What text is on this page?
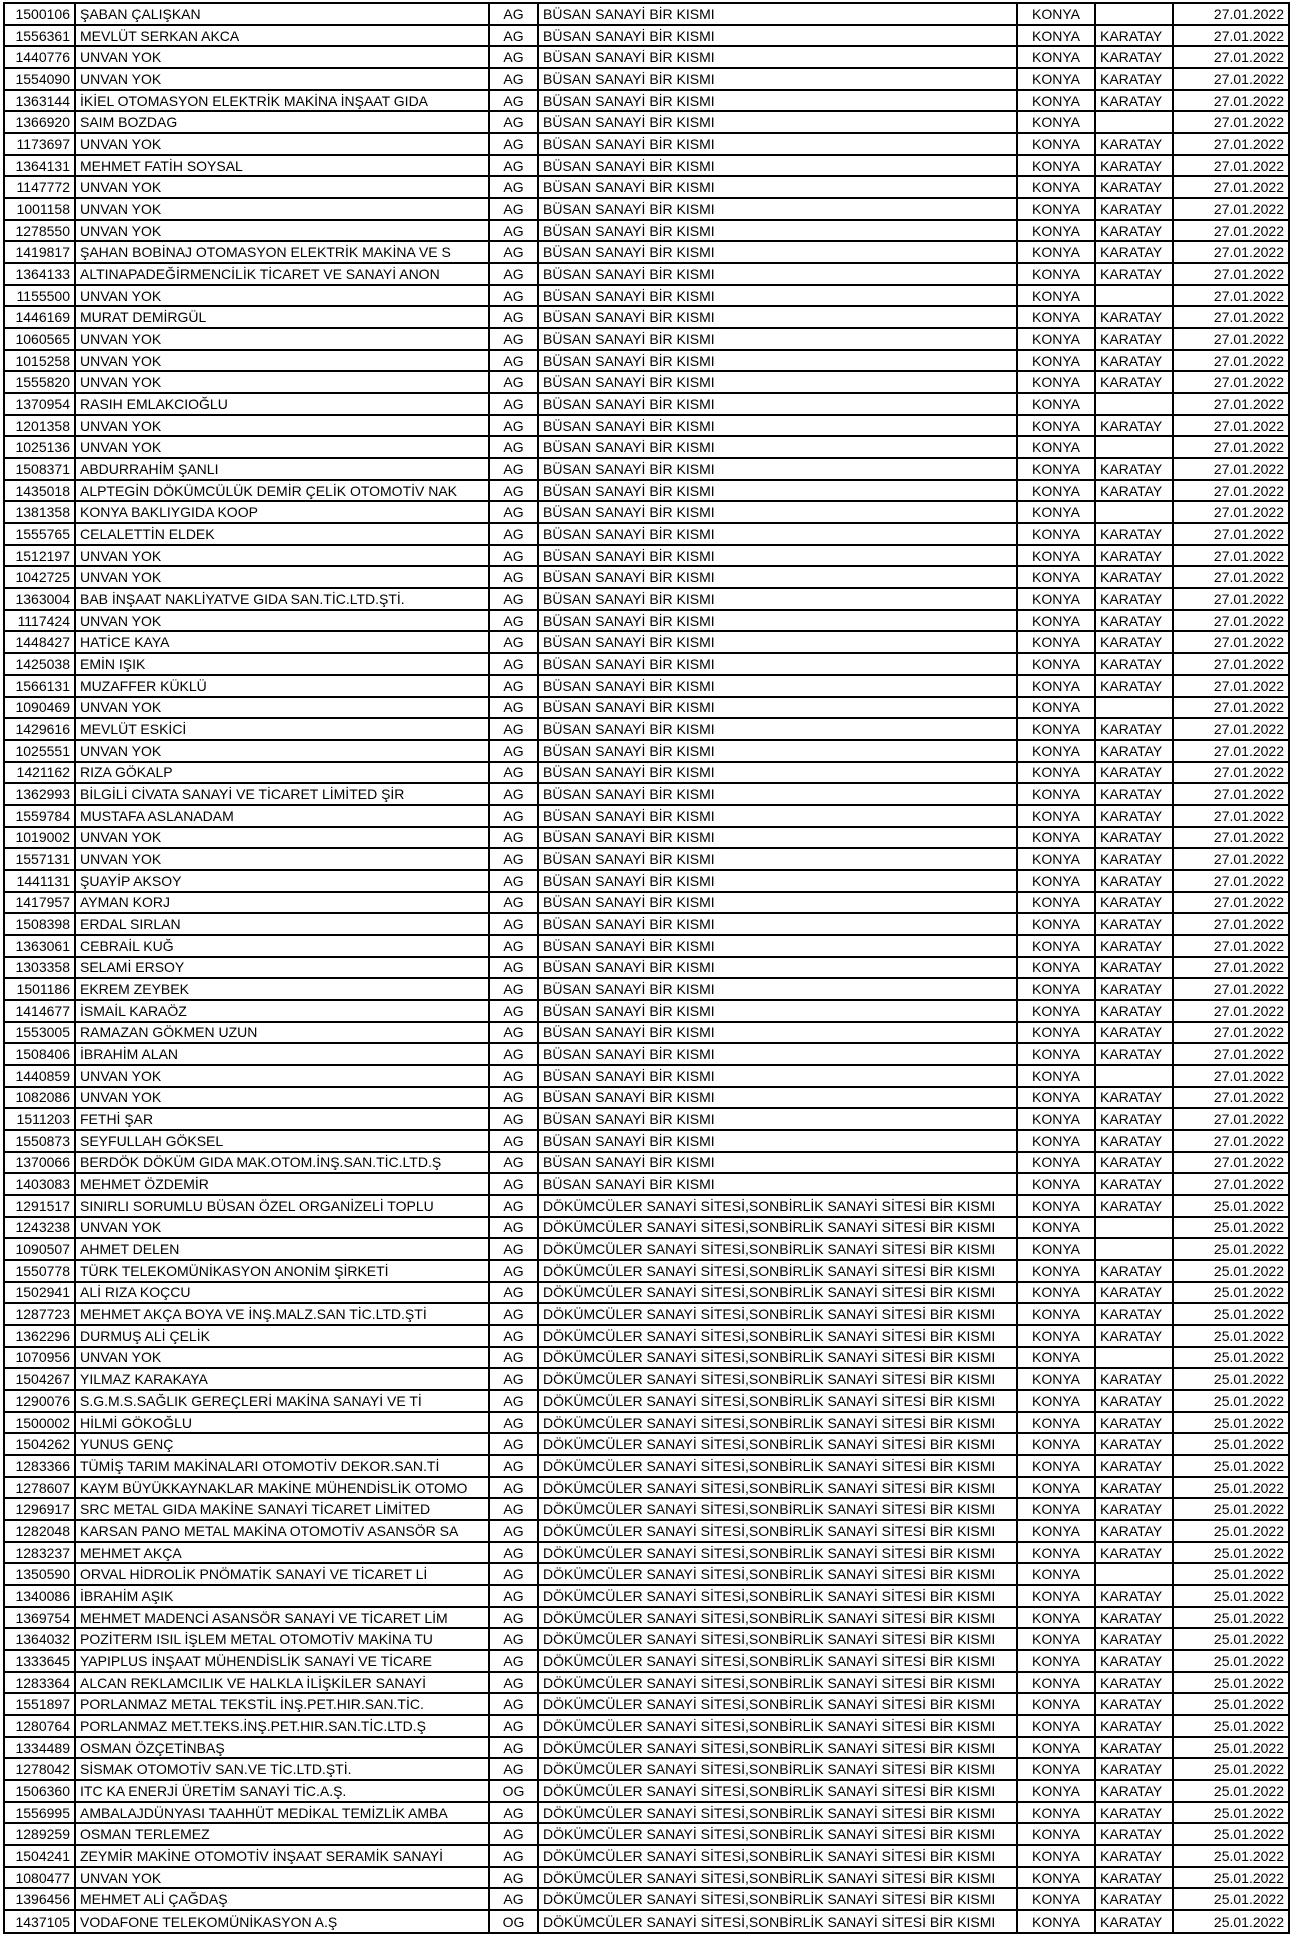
1500106	ŞABAN ÇALIŞKAN	AG	BÜSAN SANAYİ BİR KISMI	KONYA		27.01.2022
1556361	MEVLÜT SERKAN AKCA	AG	BÜSAN SANAYİ BİR KISMI	KONYA	KARATAY	27.01.2022
1440776	UNVAN YOK	AG	BÜSAN SANAYİ BİR KISMI	KONYA	KARATAY	27.01.2022
1554090	UNVAN YOK	AG	BÜSAN SANAYİ BİR KISMI	KONYA	KARATAY	27.01.2022
1363144	İKİEL OTOMASYON ELEKTRİK MAKİNA İNŞAAT GIDA	AG	BÜSAN SANAYİ BİR KISMI	KONYA	KARATAY	27.01.2022
1366920	SAIM BOZDAG	AG	BÜSAN SANAYİ BİR KISMI	KONYA		27.01.2022
1173697	UNVAN YOK	AG	BÜSAN SANAYİ BİR KISMI	KONYA	KARATAY	27.01.2022
1364131	MEHMET FATİH SOYSAL	AG	BÜSAN SANAYİ BİR KISMI	KONYA	KARATAY	27.01.2022
1147772	UNVAN YOK	AG	BÜSAN SANAYİ BİR KISMI	KONYA	KARATAY	27.01.2022
1001158	UNVAN YOK	AG	BÜSAN SANAYİ BİR KISMI	KONYA	KARATAY	27.01.2022
1278550	UNVAN YOK	AG	BÜSAN SANAYİ BİR KISMI	KONYA	KARATAY	27.01.2022
1419817	ŞAHAN BOBİNAJ OTOMASYON ELEKTRİK MAKİNA VE S	AG	BÜSAN SANAYİ BİR KISMI	KONYA	KARATAY	27.01.2022
1364133	ALTINAPADEĞİRMENCİLİK TİCARET VE SANAYİ ANON	AG	BÜSAN SANAYİ BİR KISMI	KONYA	KARATAY	27.01.2022
1155500	UNVAN YOK	AG	BÜSAN SANAYİ BİR KISMI	KONYA		27.01.2022
1446169	MURAT DEMİRGÜL	AG	BÜSAN SANAYİ BİR KISMI	KONYA	KARATAY	27.01.2022
1060565	UNVAN YOK	AG	BÜSAN SANAYİ BİR KISMI	KONYA	KARATAY	27.01.2022
1015258	UNVAN YOK	AG	BÜSAN SANAYİ BİR KISMI	KONYA	KARATAY	27.01.2022
1555820	UNVAN YOK	AG	BÜSAN SANAYİ BİR KISMI	KONYA	KARATAY	27.01.2022
1370954	RASIH EMLAKCIOĞLU	AG	BÜSAN SANAYİ BİR KISMI	KONYA		27.01.2022
1201358	UNVAN YOK	AG	BÜSAN SANAYİ BİR KISMI	KONYA	KARATAY	27.01.2022
1025136	UNVAN YOK	AG	BÜSAN SANAYİ BİR KISMI	KONYA		27.01.2022
1508371	ABDURRAHİM ŞANLI	AG	BÜSAN SANAYİ BİR KISMI	KONYA	KARATAY	27.01.2022
1435018	ALPTEGİN DÖKÜMCÜLÜK DEMİR ÇELİK OTOMOTİV NAK	AG	BÜSAN SANAYİ BİR KISMI	KONYA	KARATAY	27.01.2022
1381358	KONYA BAKLIYGIDA KOOP	AG	BÜSAN SANAYİ BİR KISMI	KONYA		27.01.2022
1555765	CELALETTİN ELDEK	AG	BÜSAN SANAYİ BİR KISMI	KONYA	KARATAY	27.01.2022
1512197	UNVAN YOK	AG	BÜSAN SANAYİ BİR KISMI	KONYA	KARATAY	27.01.2022
1042725	UNVAN YOK	AG	BÜSAN SANAYİ BİR KISMI	KONYA	KARATAY	27.01.2022
1363004	BAB İNŞAAT NAKLİYATVE GIDA SAN.TİC.LTD.ŞTİ.	AG	BÜSAN SANAYİ BİR KISMI	KONYA	KARATAY	27.01.2022
1117424	UNVAN YOK	AG	BÜSAN SANAYİ BİR KISMI	KONYA	KARATAY	27.01.2022
1448427	HATİCE KAYA	AG	BÜSAN SANAYİ BİR KISMI	KONYA	KARATAY	27.01.2022
1425038	EMİN IŞIK	AG	BÜSAN SANAYİ BİR KISMI	KONYA	KARATAY	27.01.2022
1566131	MUZAFFER KÜKLÜ	AG	BÜSAN SANAYİ BİR KISMI	KONYA	KARATAY	27.01.2022
1090469	UNVAN YOK	AG	BÜSAN SANAYİ BİR KISMI	KONYA		27.01.2022
1429616	MEVLÜT ESKİCİ	AG	BÜSAN SANAYİ BİR KISMI	KONYA	KARATAY	27.01.2022
1025551	UNVAN YOK	AG	BÜSAN SANAYİ BİR KISMI	KONYA	KARATAY	27.01.2022
1421162	RIZA GÖKALP	AG	BÜSAN SANAYİ BİR KISMI	KONYA	KARATAY	27.01.2022
1362993	BİLGİLİ CİVATA SANAYİ VE TİCARET LİMİTED ŞİR	AG	BÜSAN SANAYİ BİR KISMI	KONYA	KARATAY	27.01.2022
1559784	MUSTAFA ASLANADAM	AG	BÜSAN SANAYİ BİR KISMI	KONYA	KARATAY	27.01.2022
1019002	UNVAN YOK	AG	BÜSAN SANAYİ BİR KISMI	KONYA	KARATAY	27.01.2022
1557131	UNVAN YOK	AG	BÜSAN SANAYİ BİR KISMI	KONYA	KARATAY	27.01.2022
1441131	ŞUAYİP AKSOY	AG	BÜSAN SANAYİ BİR KISMI	KONYA	KARATAY	27.01.2022
1417957	AYMAN KORJ	AG	BÜSAN SANAYİ BİR KISMI	KONYA	KARATAY	27.01.2022
1508398	ERDAL SIRLAN	AG	BÜSAN SANAYİ BİR KISMI	KONYA	KARATAY	27.01.2022
1363061	CEBRAİL KUĞ	AG	BÜSAN SANAYİ BİR KISMI	KONYA	KARATAY	27.01.2022
1303358	SELAMİ ERSOY	AG	BÜSAN SANAYİ BİR KISMI	KONYA	KARATAY	27.01.2022
1501186	EKREM ZEYBEK	AG	BÜSAN SANAYİ BİR KISMI	KONYA	KARATAY	27.01.2022
1414677	İSMAİL KARAÖZ	AG	BÜSAN SANAYİ BİR KISMI	KONYA	KARATAY	27.01.2022
1553005	RAMAZAN GÖKMEN UZUN	AG	BÜSAN SANAYİ BİR KISMI	KONYA	KARATAY	27.01.2022
1508406	İBRAHİM ALAN	AG	BÜSAN SANAYİ BİR KISMI	KONYA	KARATAY	27.01.2022
1440859	UNVAN YOK	AG	BÜSAN SANAYİ BİR KISMI	KONYA		27.01.2022
1082086	UNVAN YOK	AG	BÜSAN SANAYİ BİR KISMI	KONYA	KARATAY	27.01.2022
1511203	FETHİ ŞAR	AG	BÜSAN SANAYİ BİR KISMI	KONYA	KARATAY	27.01.2022
1550873	SEYFULLAH GÖKSEL	AG	BÜSAN SANAYİ BİR KISMI	KONYA	KARATAY	27.01.2022
1370066	BERDÖK DÖKÜM GIDA MAK.OTOM.İNŞ.SAN.TİC.LTD.Ş	AG	BÜSAN SANAYİ BİR KISMI	KONYA	KARATAY	27.01.2022
1403083	MEHMET ÖZDEMİR	AG	BÜSAN SANAYİ BİR KISMI	KONYA	KARATAY	27.01.2022
1291517	SINIRLI SORUMLU BÜSAN ÖZEL ORGANİZELİ TOPLU	AG	DÖKÜMCÜLER SANAYİ SİTESİ,SONBİRLİK SANAYİ SİTESİ BİR KISMI	KONYA	KARATAY	25.01.2022
1243238	UNVAN YOK	AG	DÖKÜMCÜLER SANAYİ SİTESİ,SONBİRLİK SANAYİ SİTESİ BİR KISMI	KONYA		25.01.2022
1090507	AHMET DELEN	AG	DÖKÜMCÜLER SANAYİ SİTESİ,SONBİRLİK SANAYİ SİTESİ BİR KISMI	KONYA		25.01.2022
1550778	TÜRK TELEKOMÜNİKASYON ANONİM ŞİRKETİ	AG	DÖKÜMCÜLER SANAYİ SİTESİ,SONBİRLİK SANAYİ SİTESİ BİR KISMI	KONYA	KARATAY	25.01.2022
1502941	ALİ RIZA KOÇCU	AG	DÖKÜMCÜLER SANAYİ SİTESİ,SONBİRLİK SANAYİ SİTESİ BİR KISMI	KONYA	KARATAY	25.01.2022
1287723	MEHMET AKÇA BOYA VE İNŞ.MALZ.SAN TİC.LTD.ŞTİ	AG	DÖKÜMCÜLER SANAYİ SİTESİ,SONBİRLİK SANAYİ SİTESİ BİR KISMI	KONYA	KARATAY	25.01.2022
1362296	DURMUŞ ALİ ÇELİK	AG	DÖKÜMCÜLER SANAYİ SİTESİ,SONBİRLİK SANAYİ SİTESİ BİR KISMI	KONYA	KARATAY	25.01.2022
1070956	UNVAN YOK	AG	DÖKÜMCÜLER SANAYİ SİTESİ,SONBİRLİK SANAYİ SİTESİ BİR KISMI	KONYA		25.01.2022
1504267	YILMAZ KARAKAYA	AG	DÖKÜMCÜLER SANAYİ SİTESİ,SONBİRLİK SANAYİ SİTESİ BİR KISMI	KONYA	KARATAY	25.01.2022
1290076	S.G.M.S.SAĞLIK GEREÇLERİ MAKİNA SANAYİ VE Tİ	AG	DÖKÜMCÜLER SANAYİ SİTESİ,SONBİRLİK SANAYİ SİTESİ BİR KISMI	KONYA	KARATAY	25.01.2022
1500002	HİLMİ GÖKOĞLU	AG	DÖKÜMCÜLER SANAYİ SİTESİ,SONBİRLİK SANAYİ SİTESİ BİR KISMI	KONYA	KARATAY	25.01.2022
1504262	YUNUS GENÇ	AG	DÖKÜMCÜLER SANAYİ SİTESİ,SONBİRLİK SANAYİ SİTESİ BİR KISMI	KONYA	KARATAY	25.01.2022
1283366	TÜMİŞ TARIM MAKİNALARI OTOMOTİV DEKOR.SAN.Tİ	AG	DÖKÜMCÜLER SANAYİ SİTESİ,SONBİRLİK SANAYİ SİTESİ BİR KISMI	KONYA	KARATAY	25.01.2022
1278607	KAYM BÜYÜKKAYNAKLAR MAKİNE MÜHENDİSLİK OTOMO	AG	DÖKÜMCÜLER SANAYİ SİTESİ,SONBİRLİK SANAYİ SİTESİ BİR KISMI	KONYA	KARATAY	25.01.2022
1296917	SRC METAL GIDA MAKİNE SANAYİ TİCARET LİMİTED	AG	DÖKÜMCÜLER SANAYİ SİTESİ,SONBİRLİK SANAYİ SİTESİ BİR KISMI	KONYA	KARATAY	25.01.2022
1282048	KARSAN PANO METAL MAKİNA OTOMOTİV ASANSÖR SA	AG	DÖKÜMCÜLER SANAYİ SİTESİ,SONBİRLİK SANAYİ SİTESİ BİR KISMI	KONYA	KARATAY	25.01.2022
1283237	MEHMET AKÇA	AG	DÖKÜMCÜLER SANAYİ SİTESİ,SONBİRLİK SANAYİ SİTESİ BİR KISMI	KONYA	KARATAY	25.01.2022
1350590	ORVAL HİDROLİK PNÖMATİK SANAYİ VE TİCARET Lİ	AG	DÖKÜMCÜLER SANAYİ SİTESİ,SONBİRLİK SANAYİ SİTESİ BİR KISMI	KONYA		25.01.2022
1340086	İBRAHİM AŞIK	AG	DÖKÜMCÜLER SANAYİ SİTESİ,SONBİRLİK SANAYİ SİTESİ BİR KISMI	KONYA	KARATAY	25.01.2022
1369754	MEHMET MADENCİ ASANSÖR SANAYİ VE TİCARET LİM	AG	DÖKÜMCÜLER SANAYİ SİTESİ,SONBİRLİK SANAYİ SİTESİ BİR KISMI	KONYA	KARATAY	25.01.2022
1364032	POZİTERM ISIL İŞLEM METAL OTOMOTİV MAKİNA TU	AG	DÖKÜMCÜLER SANAYİ SİTESİ,SONBİRLİK SANAYİ SİTESİ BİR KISMI	KONYA	KARATAY	25.01.2022
1333645	YAPIPLUS İNŞAAT MÜHENDİSLİK SANAYİ VE TİCARE	AG	DÖKÜMCÜLER SANAYİ SİTESİ,SONBİRLİK SANAYİ SİTESİ BİR KISMI	KONYA	KARATAY	25.01.2022
1283364	ALCAN REKLAMCILIK VE HALKLA İLİŞKİLER SANAYİ	AG	DÖKÜMCÜLER SANAYİ SİTESİ,SONBİRLİK SANAYİ SİTESİ BİR KISMI	KONYA	KARATAY	25.01.2022
1551897	PORLANMAZ METAL TEKSTİL İNŞ.PET.HIR.SAN.TİC.	AG	DÖKÜMCÜLER SANAYİ SİTESİ,SONBİRLİK SANAYİ SİTESİ BİR KISMI	KONYA	KARATAY	25.01.2022
1280764	PORLANMAZ MET.TEKS.İNŞ.PET.HIR.SAN.TİC.LTD.Ş	AG	DÖKÜMCÜLER SANAYİ SİTESİ,SONBİRLİK SANAYİ SİTESİ BİR KISMI	KONYA	KARATAY	25.01.2022
1334489	OSMAN ÖZÇETİNBAŞ	AG	DÖKÜMCÜLER SANAYİ SİTESİ,SONBİRLİK SANAYİ SİTESİ BİR KISMI	KONYA	KARATAY	25.01.2022
1278042	SİSMAK OTOMOTİV SAN.VE TİC.LTD.ŞTİ.	AG	DÖKÜMCÜLER SANAYİ SİTESİ,SONBİRLİK SANAYİ SİTESİ BİR KISMI	KONYA	KARATAY	25.01.2022
1506360	ITC KA ENERJİ ÜRETİM SANAYİ TİC.A.Ş.	OG	DÖKÜMCÜLER SANAYİ SİTESİ,SONBİRLİK SANAYİ SİTESİ BİR KISMI	KONYA	KARATAY	25.01.2022
1556995	AMBALAJDÜNYASI TAAHHÜT MEDİKAL TEMİZLİK AMBA	AG	DÖKÜMCÜLER SANAYİ SİTESİ,SONBİRLİK SANAYİ SİTESİ BİR KISMI	KONYA	KARATAY	25.01.2022
1289259	OSMAN TERLEMEZ	AG	DÖKÜMCÜLER SANAYİ SİTESİ,SONBİRLİK SANAYİ SİTESİ BİR KISMI	KONYA	KARATAY	25.01.2022
1504241	ZEYMİR MAKİNE OTOMOTİV İNŞAAT SERAMİK SANAYİ	AG	DÖKÜMCÜLER SANAYİ SİTESİ,SONBİRLİK SANAYİ SİTESİ BİR KISMI	KONYA	KARATAY	25.01.2022
1080477	UNVAN YOK	AG	DÖKÜMCÜLER SANAYİ SİTESİ,SONBİRLİK SANAYİ SİTESİ BİR KISMI	KONYA	KARATAY	25.01.2022
1396456	MEHMET ALİ ÇAĞDAŞ	AG	DÖKÜMCÜLER SANAYİ SİTESİ,SONBİRLİK SANAYİ SİTESİ BİR KISMI	KONYA	KARATAY	25.01.2022
1437105	VODAFONE TELEKOMÜNİKASYON A.Ş	OG	DÖKÜMCÜLER SANAYİ SİTESİ,SONBİRLİK SANAYİ SİTESİ BİR KISMI	KONYA	KARATAY	25.01.2022
